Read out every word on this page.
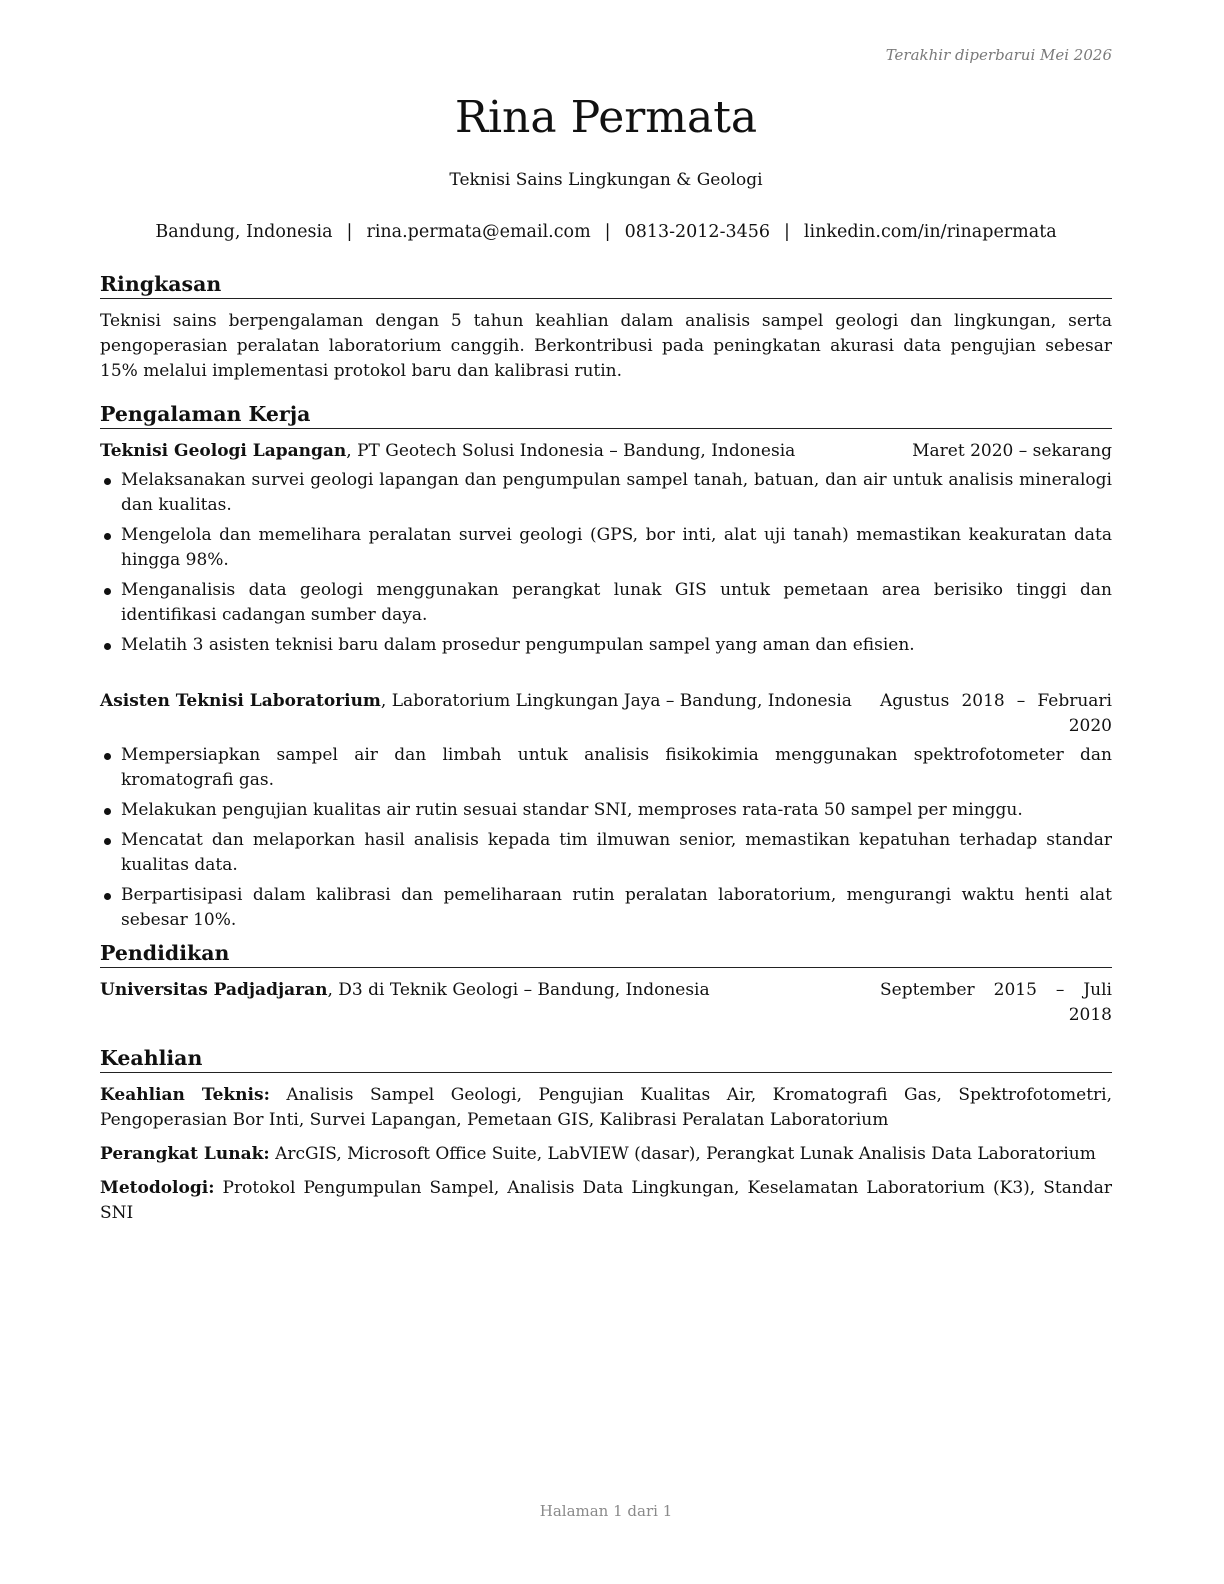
Terakhir diperbarui Mei 2026
Rina Permata
Teknisi Sains Lingkungan & Geologi
Bandung, Indonesia | rina.permata@email.com | 0813-2012-3456 | linkedin.com/in/rinapermata
Ringkasan

Teknisi sains berpengalaman dengan 5 tahun keahlian dalam analisis sampel geologi dan lingkungan, serta pengoperasian peralatan laboratorium canggih. Berkontribusi pada peningkatan akurasi data pengujian sebesar 15% melalui implementasi protokol baru dan kalibrasi rutin.

Pengalaman Kerja
Teknisi Geologi Lapangan, PT Geotech Solusi Indonesia – Bandung, Indonesia	Maret 2020 – sekarang
Melaksanakan survei geologi lapangan dan pengumpulan sampel tanah, batuan, dan air untuk analisis mineralogi dan kualitas.
Mengelola dan memelihara peralatan survei geologi (GPS, bor inti, alat uji tanah) memastikan keakuratan data hingga 98%.
Menganalisis data geologi menggunakan perangkat lunak GIS untuk pemetaan area berisiko tinggi dan identifikasi cadangan sumber daya.
Melatih 3 asisten teknisi baru dalam prosedur pengumpulan sampel yang aman dan efisien.
Asisten Teknisi Laboratorium, Laboratorium Lingkungan Jaya – Bandung, Indonesia	Agustus 2018 – Februari 2020
Mempersiapkan sampel air dan limbah untuk analisis fisikokimia menggunakan spektrofotometer dan kromatografi gas.
Melakukan pengujian kualitas air rutin sesuai standar SNI, memproses rata-rata 50 sampel per minggu.
Mencatat dan melaporkan hasil analisis kepada tim ilmuwan senior, memastikan kepatuhan terhadap standar kualitas data.
Berpartisipasi dalam kalibrasi dan pemeliharaan rutin peralatan laboratorium, mengurangi waktu henti alat sebesar 10%.
Pendidikan
Universitas Padjadjaran, D3 di Teknik Geologi – Bandung, Indonesia	September 2015 – Juli 2018
Keahlian

Keahlian Teknis: Analisis Sampel Geologi, Pengujian Kualitas Air, Kromatografi Gas, Spektrofotometri, Pengoperasian Bor Inti, Survei Lapangan, Pemetaan GIS, Kalibrasi Peralatan Laboratorium

Perangkat Lunak: ArcGIS, Microsoft Office Suite, LabVIEW (dasar), Perangkat Lunak Analisis Data Laboratorium

Metodologi: Protokol Pengumpulan Sampel, Analisis Data Lingkungan, Keselamatan Laboratorium (K3), Standar SNI

Halaman 1 dari 1
